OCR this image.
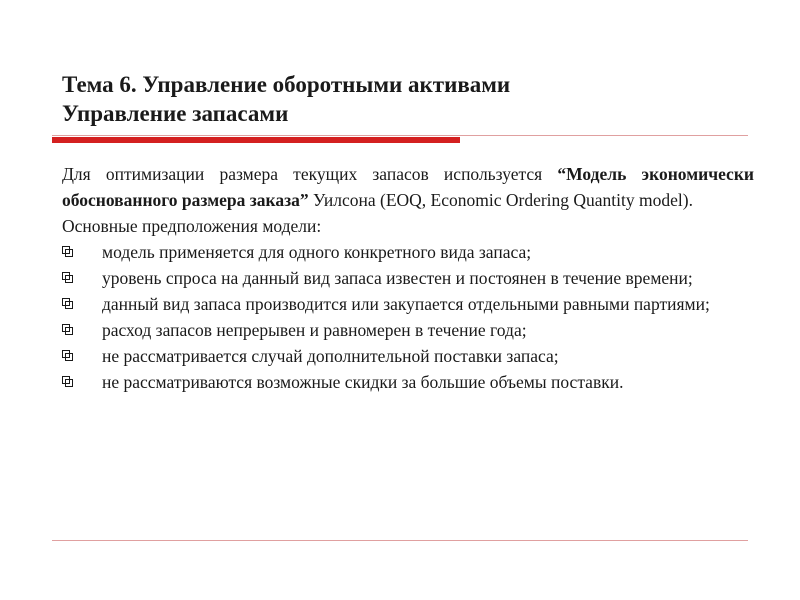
Тема 6. Управление оборотными активами
Управление запасами

Для оптимизации размера текущих запасов используется “Модель экономически обоснованного размера заказа” Уилсона (EOQ, Economic Ordering Quantity model).

Основные предположения модели:

модель применяется для одного конкретного вида запаса;
уровень спроса на данный вид запаса известен и постоянен в течение времени;
данный вид запаса производится или закупается отдельными равными партиями;
расход запасов непрерывен и равномерен в течение года;
не рассматривается случай дополнительной поставки запаса;
не рассматриваются возможные скидки за большие объемы поставки.
